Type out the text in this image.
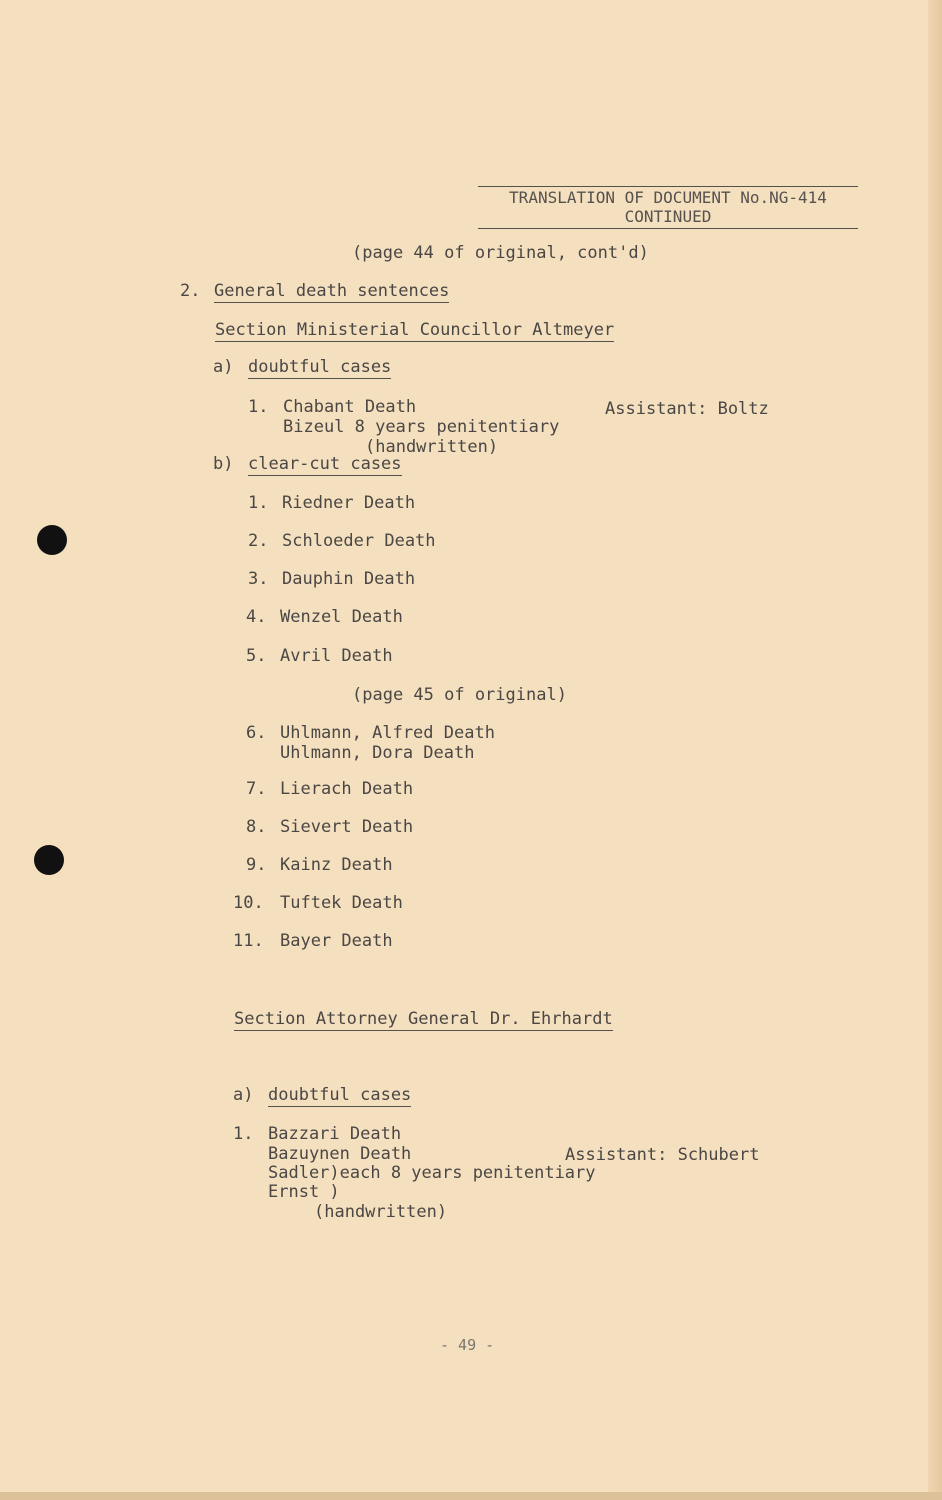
TRANSLATION OF DOCUMENT No.NG-414
CONTINUED
(page 44 of original, cont'd)
2. General death sentences
Section Ministerial Councillor Altmeyer
a) doubtful cases
1. Chabant Death	Assistant: Boltz
Bizeul 8 years penitentiary
(handwritten)
b) clear-cut cases
1. Riedner Death
2. Schloeder Death
3. Dauphin Death
4. Wenzel Death
5. Avril Death
(page 45 of original)
6. Uhlmann, Alfred Death
Uhlmann, Dora Death
7. Lierach Death
8. Sievert Death
9. Kainz Death
10. Tuftek Death
11. Bayer Death
Section Attorney General Dr. Ehrhardt
a) doubtful cases
1. Bazzari Death
Bazuynen Death	Assistant: Schubert
Sadler)each 8 years penitentiary
Ernst )
(handwritten)
- 49 -
